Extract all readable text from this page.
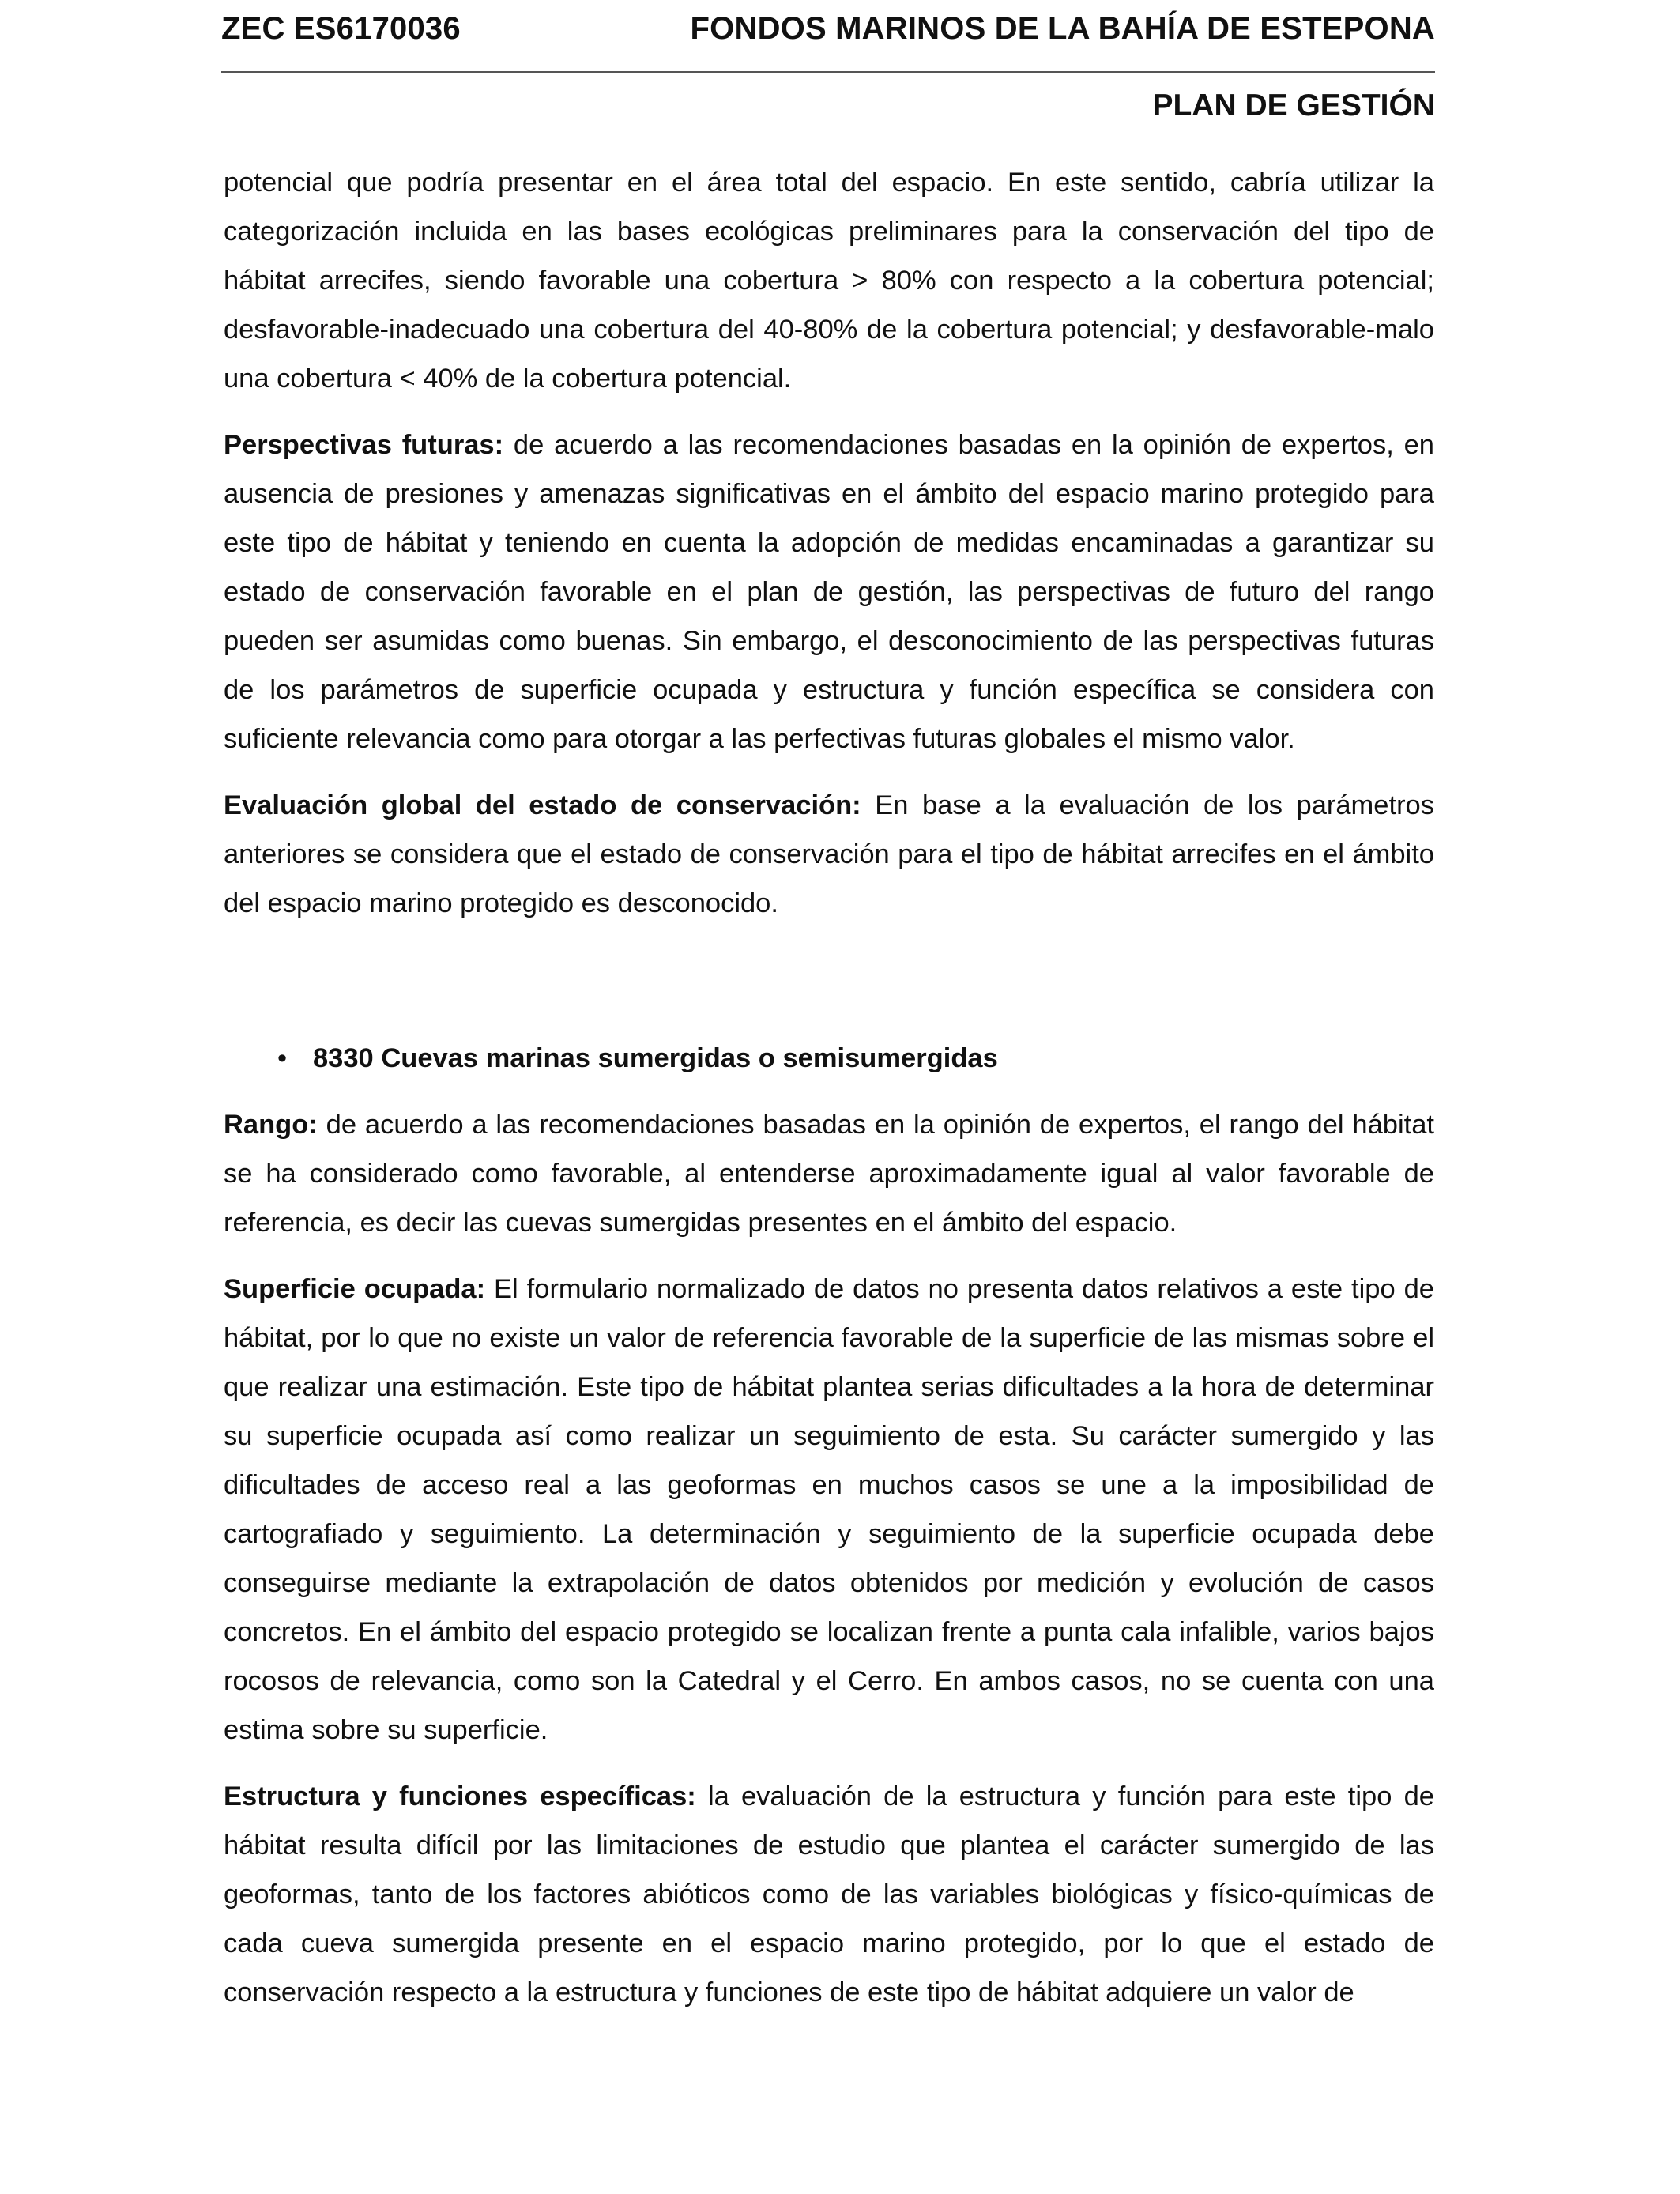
ZEC ES6170036	FONDOS MARINOS DE LA BAHÍA DE ESTEPONA
PLAN DE GESTIÓN

potencial que podría presentar en el área total del espacio. En este sentido, cabría utilizar la categorización incluida en las bases ecológicas preliminares para la conservación del tipo de hábitat arrecifes, siendo favorable una cobertura > 80% con respecto a la cobertura potencial; desfavorable-inadecuado una cobertura del 40-80% de la cobertura potencial; y desfavorable-malo una cobertura < 40% de la cobertura potencial.

Perspectivas futuras: de acuerdo a las recomendaciones basadas en la opinión de expertos, en ausencia de presiones y amenazas significativas en el ámbito del espacio marino protegido para este tipo de hábitat y teniendo en cuenta la adopción de medidas encaminadas a garantizar su estado de conservación favorable en el plan de gestión, las perspectivas de futuro del rango pueden ser asumidas como buenas. Sin embargo, el desconocimiento de las perspectivas futuras de los parámetros de superficie ocupada y estructura y función específica se considera con suficiente relevancia como para otorgar a las perfectivas futuras globales el mismo valor.

Evaluación global del estado de conservación: En base a la evaluación de los parámetros anteriores se considera que el estado de conservación para el tipo de hábitat arrecifes en el ámbito del espacio marino protegido es desconocido.

• 8330 Cuevas marinas sumergidas o semisumergidas

Rango: de acuerdo a las recomendaciones basadas en la opinión de expertos, el rango del hábitat se ha considerado como favorable, al entenderse aproximadamente igual al valor favorable de referencia, es decir las cuevas sumergidas presentes en el ámbito del espacio.

Superficie ocupada: El formulario normalizado de datos no presenta datos relativos a este tipo de hábitat, por lo que no existe un valor de referencia favorable de la superficie de las mismas sobre el que realizar una estimación. Este tipo de hábitat plantea serias dificultades a la hora de determinar su superficie ocupada así como realizar un seguimiento de esta. Su carácter sumergido y las dificultades de acceso real a las geoformas en muchos casos se une a la imposibilidad de cartografiado y seguimiento. La determinación y seguimiento de la superficie ocupada debe conseguirse mediante la extrapolación de datos obtenidos por medición y evolución de casos concretos. En el ámbito del espacio protegido se localizan frente a punta cala infalible, varios bajos rocosos de relevancia, como son la Catedral y el Cerro. En ambos casos, no se cuenta con una estima sobre su superficie.

Estructura y funciones específicas: la evaluación de la estructura y función para este tipo de hábitat resulta difícil por las limitaciones de estudio que plantea el carácter sumergido de las geoformas, tanto de los factores abióticos como de las variables biológicas y físico-químicas de cada cueva sumergida presente en el espacio marino protegido, por lo que el estado de conservación respecto a la estructura y funciones de este tipo de hábitat adquiere un valor de
